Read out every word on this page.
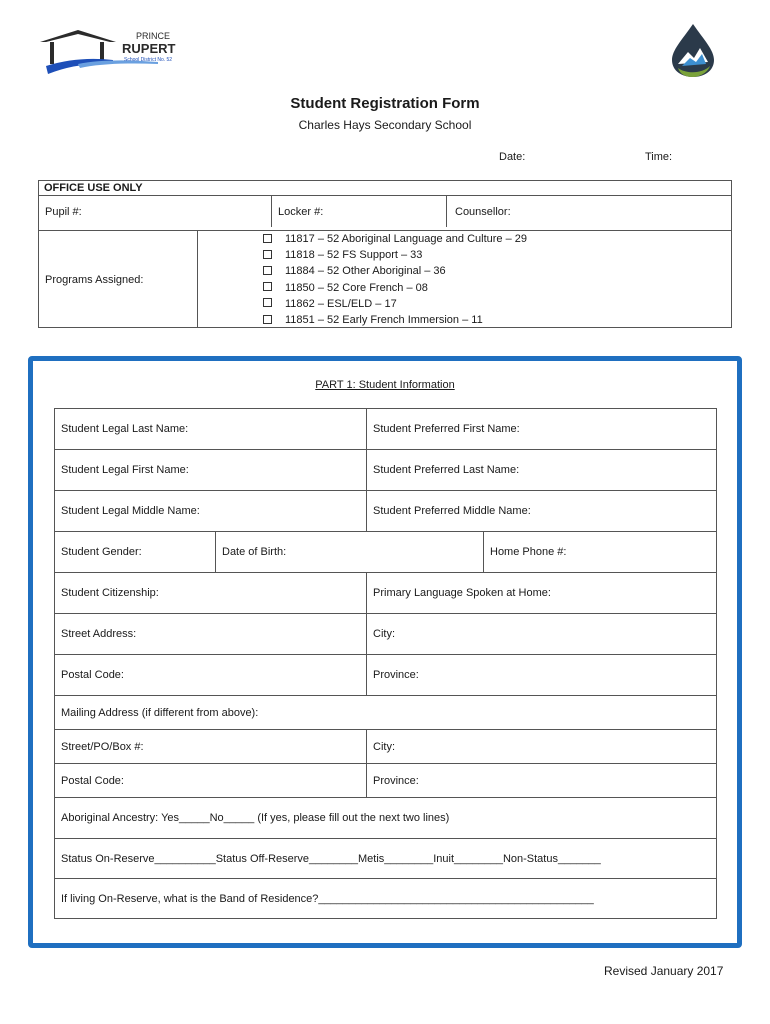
PRINCE
RUPERT
School District No. 52
Student Registration Form
Charles Hays Secondary School
Date:	Time:
OFFICE USE ONLY
Pupil #:	Locker #:	Counsellor:
Programs Assigned:
11817 – 52 Aboriginal Language and Culture – 29
11818 – 52 FS Support – 33
11884 – 52 Other Aboriginal – 36
11850 – 52 Core French – 08
11862 – ESL/ELD – 17
11851 – 52 Early French Immersion – 11
PART 1: Student Information
Student Legal Last Name:	Student Preferred First Name:
Student Legal First Name:	Student Preferred Last Name:
Student Legal Middle Name:	Student Preferred Middle Name:
Student Gender:	Date of Birth:	Home Phone #:
Student Citizenship:	Primary Language Spoken at Home:
Street Address:	City:
Postal Code:	Province:
Mailing Address (if different from above):
Street/PO/Box #:	City:
Postal Code:	Province:
Aboriginal Ancestry: Yes_____No_____ (If yes, please fill out the next two lines)
Status On-Reserve__________Status Off-Reserve________Metis________Inuit________Non-Status_______
If living On-Reserve, what is the Band of Residence?_____________________________________________
Revised January 2017
